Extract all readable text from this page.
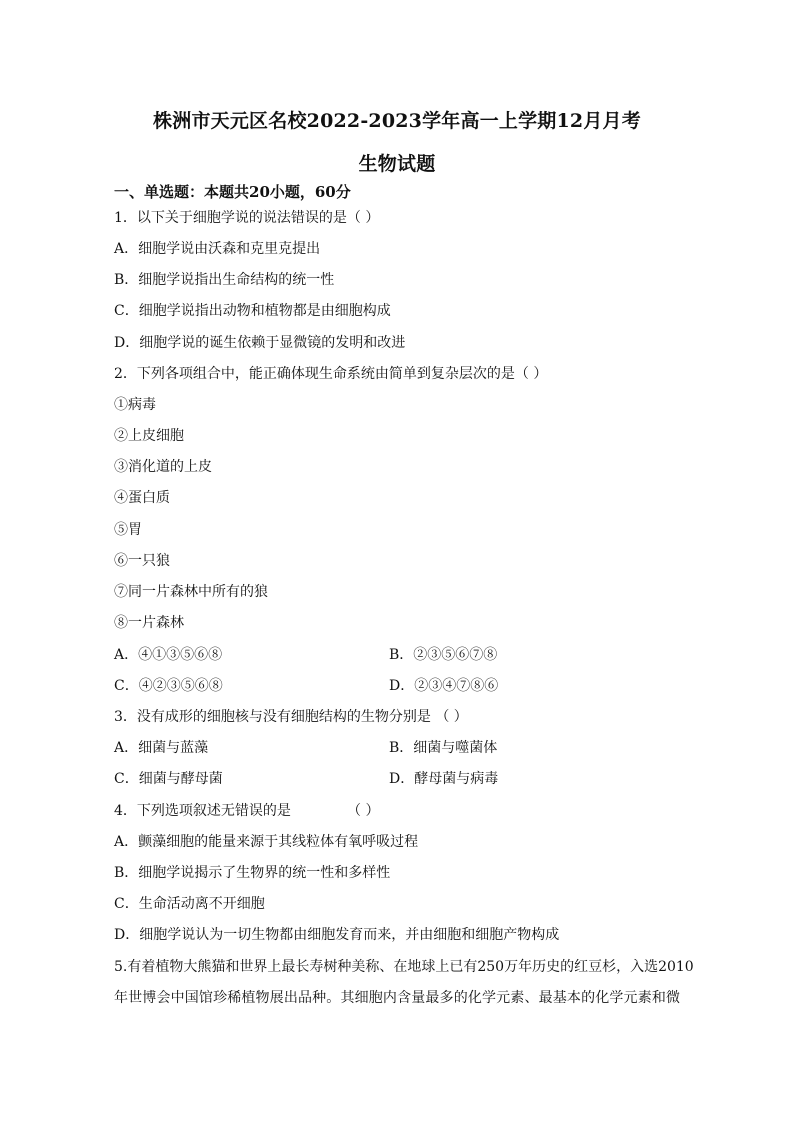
株洲市天元区名校2022-2023学年高一上学期12月月考
生物试题
一、单选题：本题共20小题，60分
1．以下关于细胞学说的说法错误的是（ ）
A．细胞学说由沃森和克里克提出
B．细胞学说指出生命结构的统一性
C．细胞学说指出动物和植物都是由细胞构成
D．细胞学说的诞生依赖于显微镜的发明和改进
2．下列各项组合中，能正确体现生命系统由简单到复杂层次的是（ ）
①病毒
②上皮细胞
③消化道的上皮
④蛋白质
⑤胃
⑥一只狼
⑦同一片森林中所有的狼
⑧一片森林
A．④①③⑤⑥⑧	B．②③⑤⑥⑦⑧
C．④②③⑤⑥⑧	D．②③④⑦⑧⑥
3．没有成形的细胞核与没有细胞结构的生物分别是 （ ）
A．细菌与蓝藻	B．细菌与噬菌体
C．细菌与酵母菌	D．酵母菌与病毒
4．下列选项叙述无错误的是	（ ）
A．颤藻细胞的能量来源于其线粒体有氧呼吸过程
B．细胞学说揭示了生物界的统一性和多样性
C．生命活动离不开细胞
D．细胞学说认为一切生物都由细胞发育而来，并由细胞和细胞产物构成
5.有着植物大熊猫和世界上最长寿树种美称、在地球上已有250万年历史的红豆杉，入选2010
年世博会中国馆珍稀植物展出品种。其细胞内含量最多的化学元素、最基本的化学元素和微
